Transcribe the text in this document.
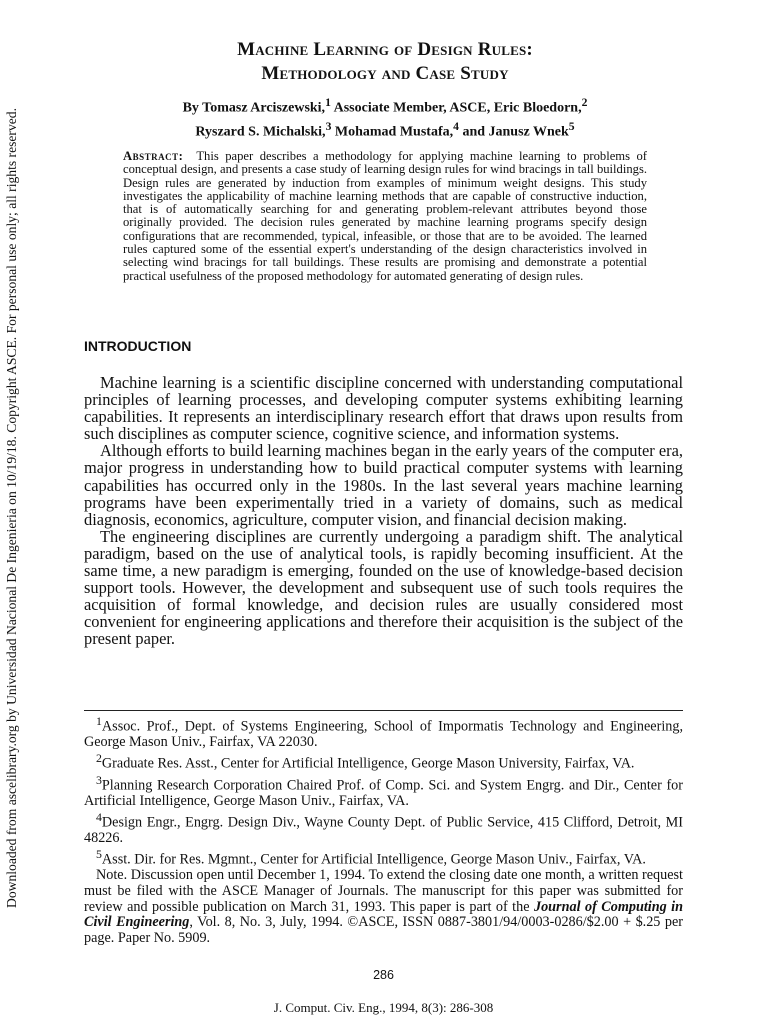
Downloaded from ascelibrary.org by Universidad Nacional De Ingenieria on 10/19/18. Copyright ASCE. For personal use only; all rights reserved.
Machine Learning of Design Rules:
Methodology and Case Study
By Tomasz Arciszewski,$^1$ Associate Member, ASCE, Eric Bloedorn,$^2$
Ryszard S. Michalski,$^3$ Mohamad Mustafa,$^4$ and Janusz Wnek$^5$
Abstract: This paper describes a methodology for applying machine learning to problems of conceptual design, and presents a case study of learning design rules for wind bracings in tall buildings. Design rules are generated by induction from examples of minimum weight designs. This study investigates the applicability of machine learning methods that are capable of constructive induction, that is of automatically searching for and generating problem-relevant attributes beyond those originally provided. The decision rules generated by machine learning programs specify design configurations that are recommended, typical, infeasible, or those that are to be avoided. The learned rules captured some of the essential expert's understanding of the design characteristics involved in selecting wind bracings for tall buildings. These results are promising and demonstrate a potential practical usefulness of the proposed methodology for automated generating of design rules.
INTRODUCTION

Machine learning is a scientific discipline concerned with understanding computational principles of learning processes, and developing computer systems exhibiting learning capabilities. It represents an interdisciplinary research effort that draws upon results from such disciplines as computer science, cognitive science, and information systems.

Although efforts to build learning machines began in the early years of the computer era, major progress in understanding how to build practical computer systems with learning capabilities has occurred only in the 1980s. In the last several years machine learning programs have been experimentally tried in a variety of domains, such as medical diagnosis, economics, agriculture, computer vision, and financial decision making.

The engineering disciplines are currently undergoing a paradigm shift. The analytical paradigm, based on the use of analytical tools, is rapidly becoming insufficient. At the same time, a new paradigm is emerging, founded on the use of knowledge-based decision support tools. However, the development and subsequent use of such tools requires the acquisition of formal knowledge, and decision rules are usually considered most convenient for engineering applications and therefore their acquisition is the subject of the present paper.

$^1$Assoc. Prof., Dept. of Systems Engineering, School of Impormatis Technology and Engineering, George Mason Univ., Fairfax, VA 22030.

$^2$Graduate Res. Asst., Center for Artificial Intelligence, George Mason University, Fairfax, VA.

$^3$Planning Research Corporation Chaired Prof. of Comp. Sci. and System Engrg. and Dir., Center for Artificial Intelligence, George Mason Univ., Fairfax, VA.

$^4$Design Engr., Engrg. Design Div., Wayne County Dept. of Public Service, 415 Clifford, Detroit, MI 48226.

$^5$Asst. Dir. for Res. Mgmnt., Center for Artificial Intelligence, George Mason Univ., Fairfax, VA.

Note. Discussion open until December 1, 1994. To extend the closing date one month, a written request must be filed with the ASCE Manager of Journals. The manuscript for this paper was submitted for review and possible publication on March 31, 1993. This paper is part of the Journal of Computing in Civil Engineering, Vol. 8, No. 3, July, 1994. ©ASCE, ISSN 0887-3801/94/0003-0286/$2.00 + $.25 per page. Paper No. 5909.

286
J. Comput. Civ. Eng., 1994, 8(3): 286-308
